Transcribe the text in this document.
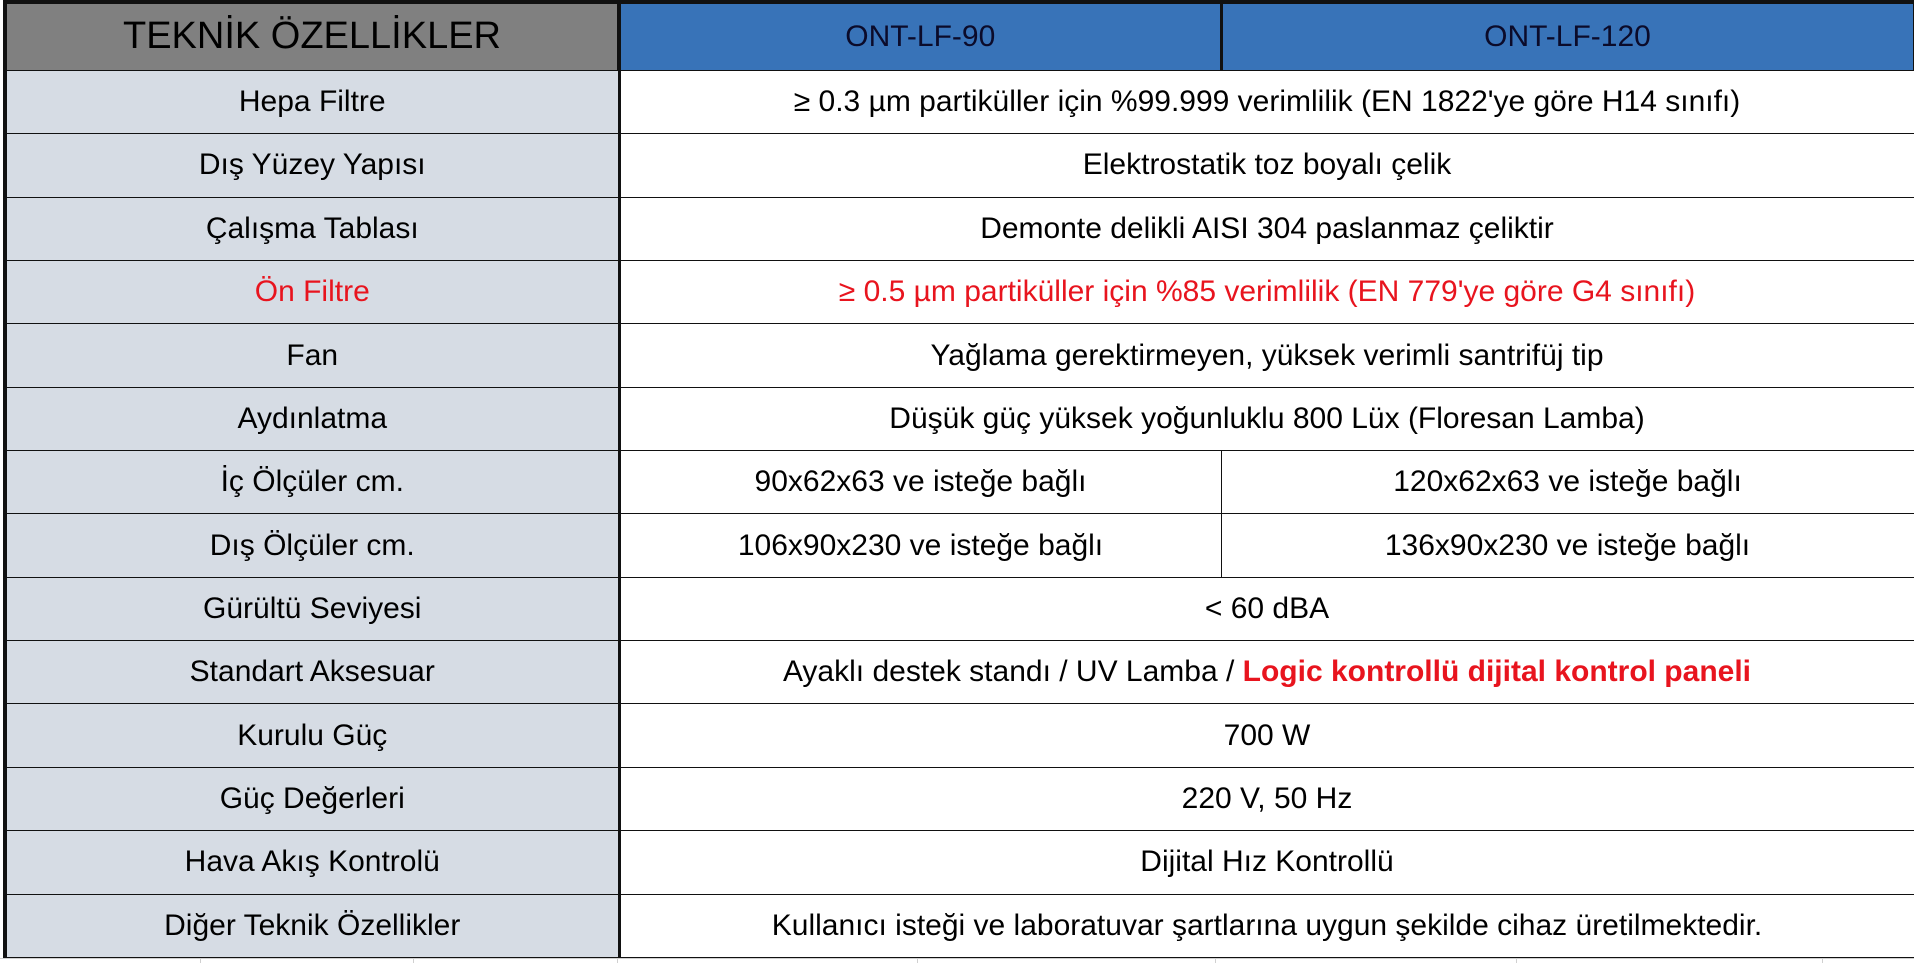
TEKNİK ÖZELLİKLER	ONT-LF-90	ONT-LF-120
Hepa Filtre	≥ 0.3 µm partiküller için %99.999 verimlilik (EN 1822'ye göre H14 sınıfı)	
Dış Yüzey Yapısı	Elektrostatik toz boyalı çelik	
Çalışma Tablası	Demonte delikli AISI 304 paslanmaz çeliktir	
Ön Filtre	≥ 0.5 µm partiküller için %85 verimlilik (EN 779'ye göre G4 sınıfı)	
Fan	Yağlama gerektirmeyen, yüksek verimli santrifüj tip	
Aydınlatma	Düşük güç yüksek yoğunluklu 800 Lüx (Floresan Lamba)	
İç Ölçüler cm.	90x62x63 ve isteğe bağlı	120x62x63 ve isteğe bağlı
Dış Ölçüler cm.	106x90x230 ve isteğe bağlı	136x90x230 ve isteğe bağlı
Gürültü Seviyesi	< 60 dBA	
Standart Aksesuar	Ayaklı destek standı / UV Lamba / Logic kontrollü dijital kontrol paneli	
Kurulu Güç	700 W	
Güç Değerleri	220 V, 50 Hz	
Hava Akış Kontrolü	Dijital Hız Kontrollü	
Diğer Teknik Özellikler	Kullanıcı isteği ve laboratuvar şartlarına uygun şekilde cihaz üretilmektedir.	
